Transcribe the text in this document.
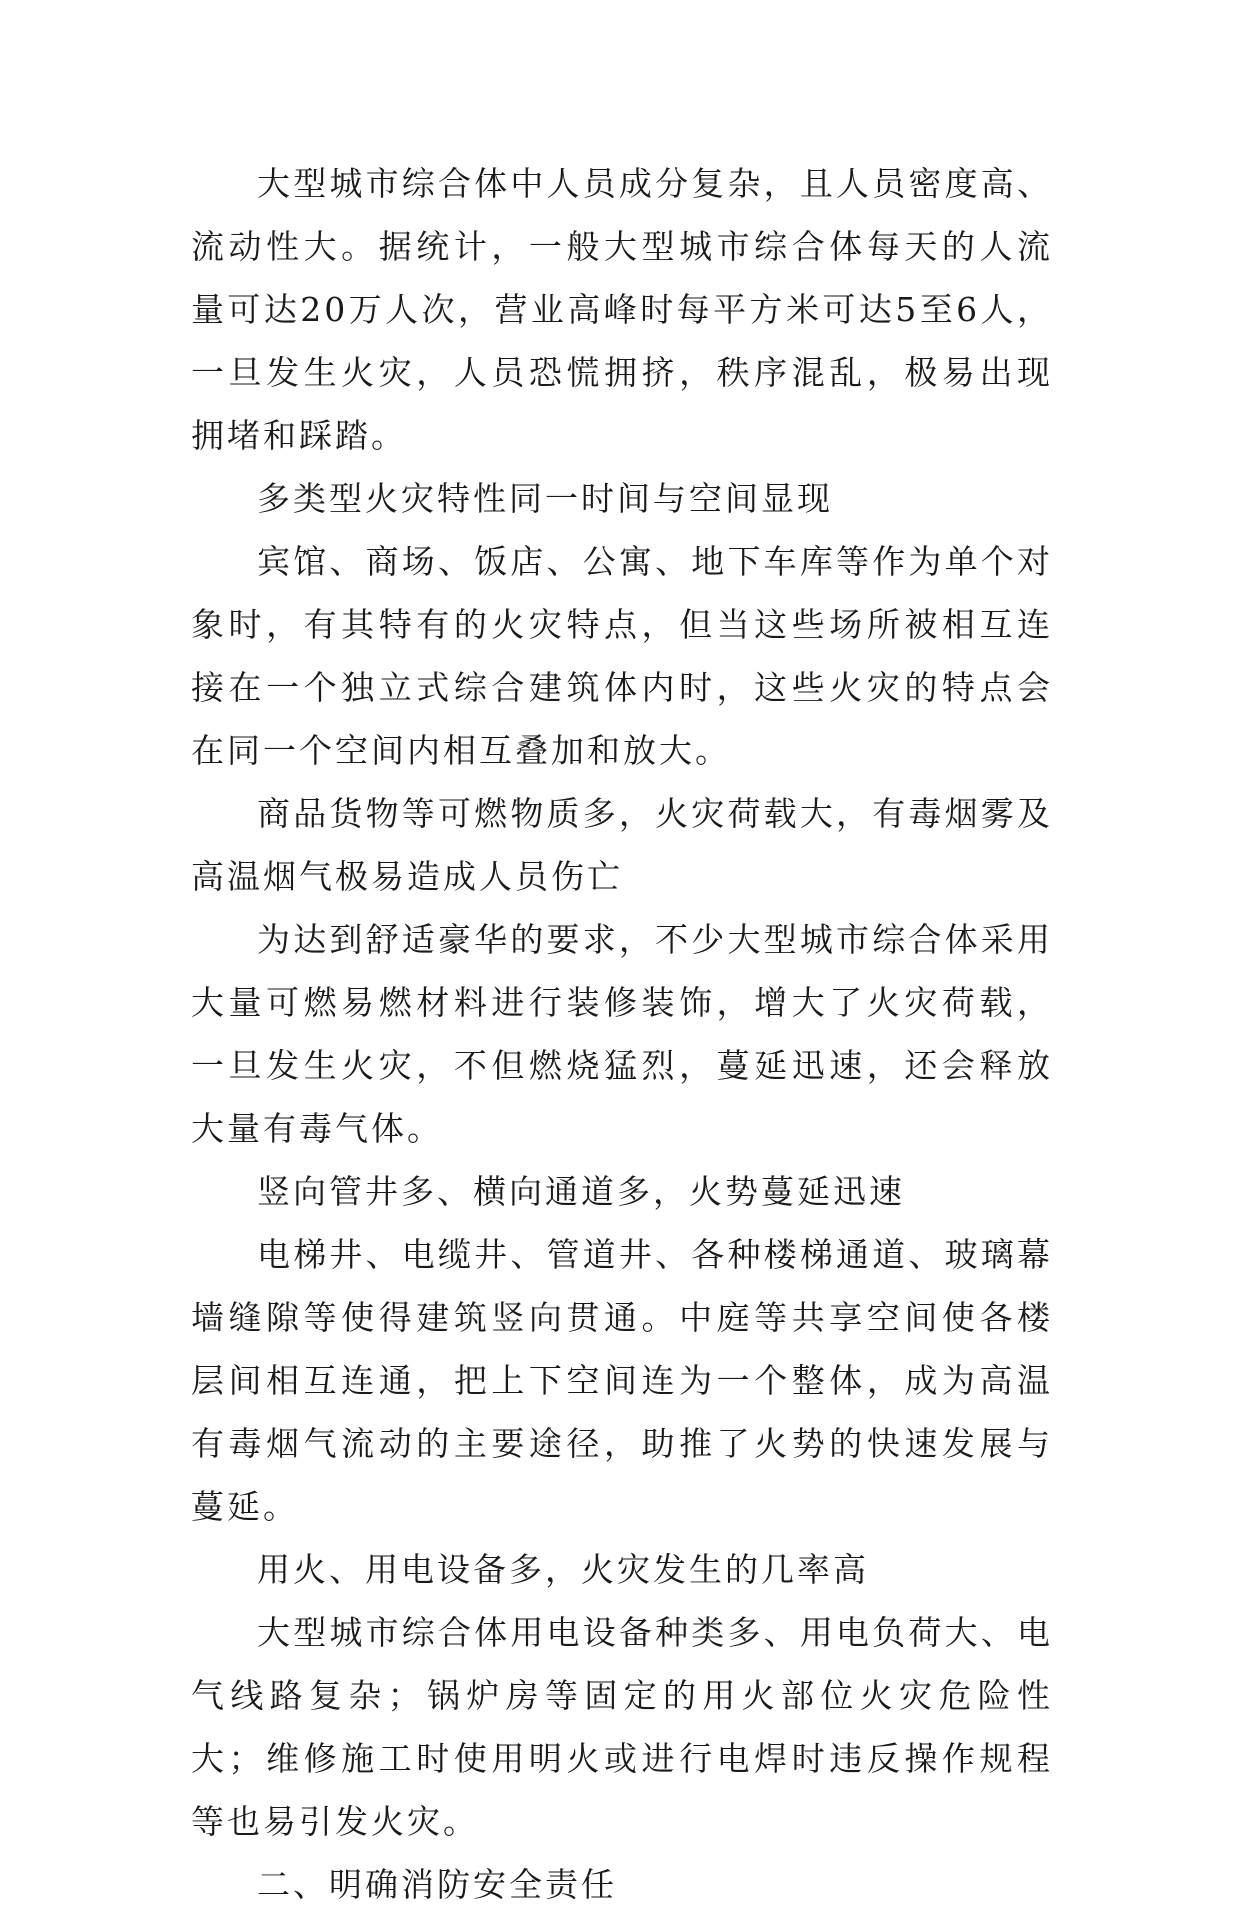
大型城市综合体中人员成分复杂，且人员密度高、流动性大。据统计，一般大型城市综合体每天的人流量可达20万人次，营业高峰时每平方米可达5至6人，一旦发生火灾，人员恐慌拥挤，秩序混乱，极易出现拥堵和踩踏。

多类型火灾特性同一时间与空间显现

宾馆、商场、饭店、公寓、地下车库等作为单个对象时，有其特有的火灾特点，但当这些场所被相互连接在一个独立式综合建筑体内时，这些火灾的特点会在同一个空间内相互叠加和放大。

商品货物等可燃物质多，火灾荷载大，有毒烟雾及高温烟气极易造成人员伤亡

为达到舒适豪华的要求，不少大型城市综合体采用大量可燃易燃材料进行装修装饰，增大了火灾荷载，一旦发生火灾，不但燃烧猛烈，蔓延迅速，还会释放大量有毒气体。

竖向管井多、横向通道多，火势蔓延迅速

电梯井、电缆井、管道井、各种楼梯通道、玻璃幕墙缝隙等使得建筑竖向贯通。中庭等共享空间使各楼层间相互连通，把上下空间连为一个整体，成为高温有毒烟气流动的主要途径，助推了火势的快速发展与蔓延。

用火、用电设备多，火灾发生的几率高

大型城市综合体用电设备种类多、用电负荷大、电气线路复杂；锅炉房等固定的用火部位火灾危险性大；维修施工时使用明火或进行电焊时违反操作规程等也易引发火灾。

二、明确消防安全责任
